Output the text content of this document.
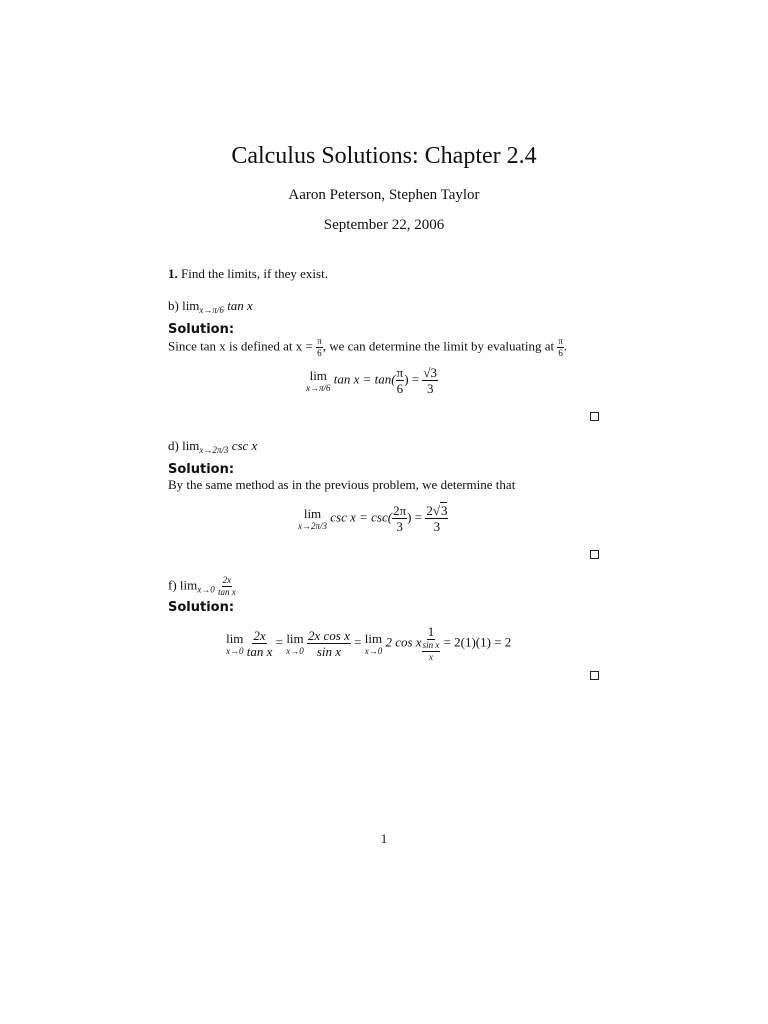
Calculus Solutions: Chapter 2.4
Aaron Peterson, Stephen Taylor
September 22, 2006
1. Find the limits, if they exist.
b) $\lim_{x\to\pi/6} \tan x$
Solution:
Since tan x is defined at $x = \frac{\pi}{6}$ , we can determine the limit by evaluating at $\frac{\pi}{6}$ .
lim
x→π/6
$\tan x = \tan( \frac{\pi}{6}$ ) = $\frac{√3}{3}$
d) $\lim_{x\to 2\pi/3} \csc x$
Solution:
By the same method as in the previous problem, we determine that
lim
x→2π/3
$\csc x = \csc( \frac{2\pi}{3}$ ) = $\frac{2√3}{3}$
f) $\lim_{x\to 0} \frac{2x}{\text{tan x}}$
Solution:
lim
x→0
$\frac{2x}{\text{tan x}} = \lim$
x→0
$\frac{\text{2x cos x}}{\text{sin x}} = \lim$
x→0
2 cos x $\frac{1}{\frac{\text{sin x}}{x}} = 2(1)(1) = 2$
1
